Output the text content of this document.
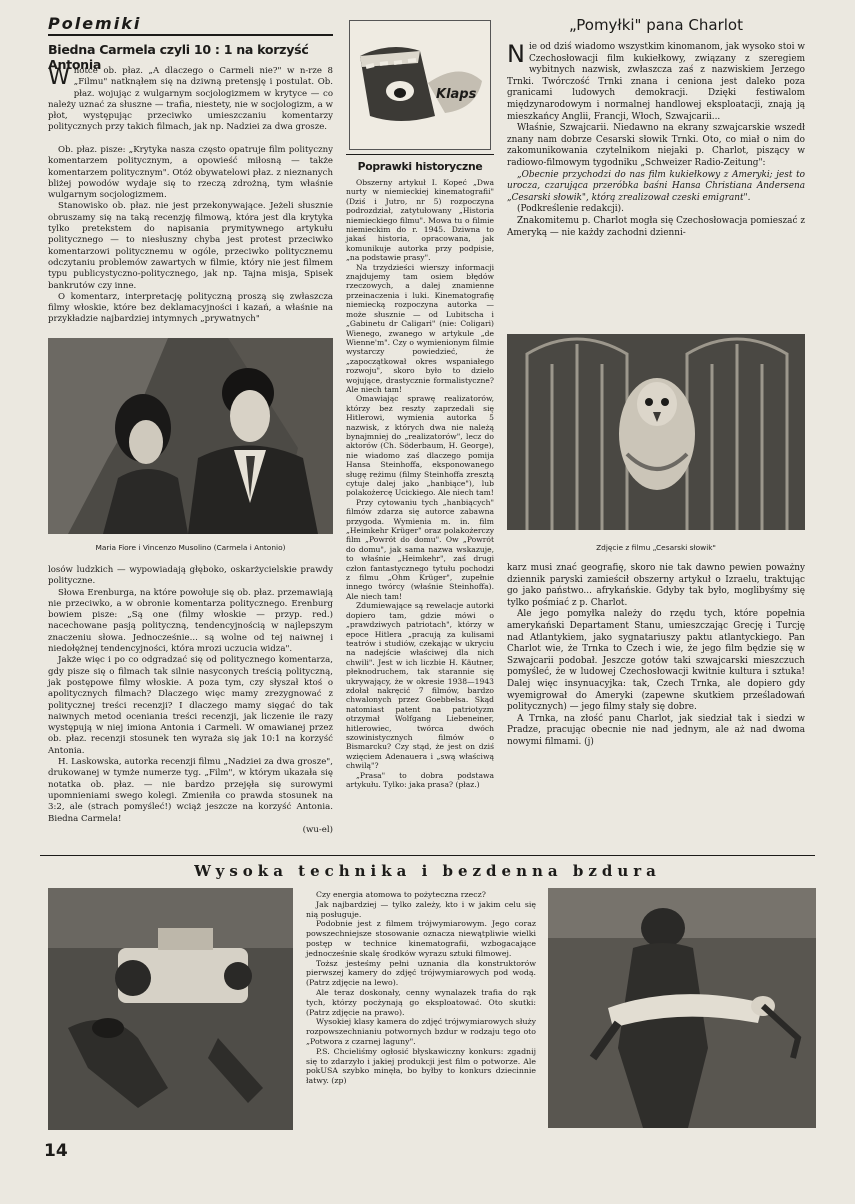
Polemiki
Biedna Carmela czyli 10 : 1 na korzyść Antonia
W notce ob. płaz. „A dlaczego o Carmeli nie?" w n-rze 8 „Filmu" natknąłem się na dziwną pretensję i postulat. Ob. płaz. wojując z wulgarnym socjologizmem w krytyce — co należy uznać za słuszne — trafia, niestety, nie w socjologizm, a w płot, występując przeciwko umieszczaniu komentarzy politycznych przy takich filmach, jak np. Nadziei za dwa grosze.

Ob. płaz. pisze: „Krytyka nasza często opatruje film polityczny komentarzem politycznym, a opowieść miłosną — także komentarzem politycznym". Otóż obywatelowi płaz. z nieznanych bliżej powodów wydaje się to rzeczą zdrożną, tym właśnie wulgarnym socjologizmem.

Stanowisko ob. płaz. nie jest przekonywające. Jeżeli słusznie obruszamy się na taką recenzję filmową, która jest dla krytyka tylko pretekstem do napisania prymitywnego artykułu politycznego — to niesłuszny chyba jest protest przeciwko komentarzowi politycznemu w ogóle, przeciwko politycznemu odczytaniu problemów zawartych w filmie, który nie jest filmem typu publicystyczno-politycznego, jak np. Tajna misja, Spisek bankrutów czy inne.

O komentarz, interpretację polityczną proszą się zwłaszcza filmy włoskie, które bez deklamacyjności i kazań, a właśnie na przykładzie najbardziej intymnych „prywatnych"

Maria Fiore i Vincenzo Musolino (Carmela i Antonio)

losów ludzkich — wypowiadają głęboko, oskarżycielskie prawdy polityczne.

Słowa Erenburga, na które powołuje się ob. płaz. przemawiają nie przeciwko, a w obronie komentarza politycznego. Erenburg bowiem pisze: „Są one (filmy włoskie — przyp. red.) nacechowane pasją polityczną, tendencyjnością w najlepszym znaczeniu słowa. Jednocześnie... są wolne od tej naiwnej i niedołężnej tendencyjności, która mrozi uczucia widza".

Jakże więc i po co odgradzać się od politycznego komentarza, gdy pisze się o filmach tak silnie nasyconych treścią polityczną, jak postępowe filmy włoskie. A poza tym, czy słyszał ktoś o apolitycznych filmach? Dlaczego więc mamy zrezygnować z politycznej treści recenzji? I dlaczego mamy sięgać do tak naiwnych metod oceniania treści recenzji, jak liczenie ile razy występują w niej imiona Antonia i Carmeli. W omawianej przez ob. płaz. recenzji stosunek ten wyraża się jak 10:1 na korzyść Antonia.

H. Laskowska, autorka recenzji filmu „Nadziei za dwa grosze", drukowanej w tymże numerze tyg. „Film", w którym ukazała się notatka ob. płaz. — nie bardzo przejęła się surowymi upomnieniami swego kolegi. Zmieniła co prawda stosunek na 3:2, ale (strach pomyśleć!) wciąż jeszcze na korzyść Antonia. Biedna Carmela!

(wu-el)
Klaps
Poprawki historyczne

Obszerny artykuł I. Kopeć „Dwa nurty w niemieckiej kinematografii" (Dziś i Jutro, nr 5) rozpoczyna podrozdział, zatytułowany „Historia niemieckiego filmu". Mowa tu o filmie niemieckim do r. 1945. Dziwna to jakaś historia, opracowana, jak komunikuje autorka przy podpisie, „na podstawie prasy".

Na trzydzieści wierszy informacji znajdujemy tam osiem błędów rzeczowych, a dalej znamienne przeinaczenia i luki. Kinematografię niemiecką rozpoczyna autorka — może słusznie — od Lubitscha i „Gabinetu dr Caligari" (nie: Coligari) Wienego, zwanego w artykule „de Wienne'm". Czy o wymienionym filmie wystarczy powiedzieć, że „zapoczątkował okres wspaniałego rozwoju", skoro było to dzieło wojujące, drastycznie formalistyczne? Ale niech tam!

Omawiając sprawę realizatorów, którzy bez reszty zaprzedali się Hitlerowi, wymienia autorka 5 nazwisk, z których dwa nie należą bynajmniej do „realizatorów", lecz do aktorów (Ch. Söderbaum, H. George), nie wiadomo zaś dlaczego pomija Hansa Steinhoffa, eksponowanego sługę reżimu (filmy Steinhoffa zresztą cytuje dalej jako „hanbiące"), lub polakożercę Ucickiego. Ale niech tam!

Przy cytowaniu tych „hanbiących" filmów zdarza się autorce zabawna przygoda. Wymienia m. in. film „Heimkehr Krüger" oraz polakożerczy film „Powrót do domu". Ow „Powrót do domu", jak sama nazwa wskazuje, to właśnie „Heimkehr", zaś drugi człon fantastycznego tytułu pochodzi z filmu „Ohm Krüger", zupełnie innego twórcy (właśnie Steinhoffa). Ale niech tam!

Zdumiewające są rewelacje autorki dopiero tam, gdzie mówi o „prawdziwych patriotach", którzy w epoce Hitlera „pracują za kulisami teatrów i studiów, czekając w ukryciu na nadejście właściwej dla nich chwili". Jest w ich liczbie H. Käutner, płeknodruchem, tak starannie się ukrywający, że w okresie 1938—1943 zdołał nakręcić 7 filmów, bardzo chwalonych przez Goebbelsa. Skąd natomiast patent na patriotyzm otrzymał Wolfgang Liebeneiner, hitlerowiec, twórca dwóch szowinistycznych filmów o Bismarcku? Czy stąd, że jest on dziś wzięciem Adenauera i „swą właściwą chwilą"?

„Prasa" to dobra podstawa artykułu. Tylko: jaka prasa? (płaz.)

„Pomyłki" pana Charlot
N ie od dziś wiadomo wszystkim kinomanom, jak wysoko stoi w Czechosłowacji film kukiełkowy, związany z szeregiem wybitnych nazwisk, zwłaszcza zaś z nazwiskiem Jerzego Trnki. Twórczość Trnki znana i ceniona jest daleko poza granicami ludowych demokracji. Dzięki festiwalom międzynarodowym i normalnej handlowej eksploatacji, znają ją mieszkańcy Anglii, Francji, Włoch, Szwajcarii...

Właśnie, Szwajcarii. Niedawno na ekrany szwajcarskie wszedł znany nam dobrze Cesarski słowik Trnki. Oto, co miał o nim do zakomunikowania czytelnikom niejaki p. Charlot, piszący w radiowo-filmowym tygodniku „Schweizer Radio-Zeitung":

„Obecnie przychodzi do nas film kukiełkowy z Ameryki; jest to urocza, czarująca przeróbka baśni Hansa Christiana Andersena „Cesarski słowik", którą zrealizował czeski emigrant".

(Podkreślenie redakcji).

Znakomitemu p. Charlot mogła się Czechosłowacja pomieszać z Ameryką — nie każdy zachodni dzienni-

Zdjęcie z filmu „Cesarski słowik"

karz musi znać geografię, skoro nie tak dawno pewien poważny dziennik paryski zamieścił obszerny artykuł o Izraelu, traktując go jako państwo... afrykańskie. Gdyby tak było, moglibyśmy się tylko pośmiać z p. Charlot.

Ale jego pomyłka należy do rzędu tych, które popełnia amerykański Departament Stanu, umieszczając Grecję i Turcję nad Atlantykiem, jako sygnatariuszy paktu atlantyckiego. Pan Charlot wie, że Trnka to Czech i wie, że jego film będzie się w Szwajcarii podobał. Jeszcze gotów taki szwajcarski mieszczuch pomyśleć, że w ludowej Czechosłowacji kwitnie kultura i sztuka! Dalej więc insynuacyjka: tak, Czech Trnka, ale dopiero gdy wyemigrował do Ameryki (zapewne skutkiem prześladowań politycznych) — jego filmy stały się dobre.

A Trnka, na złość panu Charlot, jak siedział tak i siedzi w Pradze, pracując obecnie nie nad jednym, ale aż nad dwoma nowymi filmami. (j)

Wysoka technika i bezdenna bzdura

Czy energia atomowa to pożyteczna rzecz?

Jak najbardziej — tylko zależy, kto i w jakim celu się nią posługuje.

Podobnie jest z filmem trójwymiarowym. Jego coraz powszechniejsze stosowanie oznacza niewątpliwie wielki postęp w technice kinematografii, wzbogacające jednocześnie skalę środków wyrazu sztuki filmowej.

Toższ jesteśmy pełni uznania dla konstruktorów pierwszej kamery do zdjęć trójwymiarowych pod wodą. (Patrz zdjęcie na lewo).

Ale teraz doskonały, cenny wynalazek trafia do rąk tych, którzy pocżynają go eksploatować. Oto skutki: (Patrz zdjęcie na prawo).

Wysokiej klasy kamera do zdjęć trójwymiarowych służy rozpowszechnianiu potwornych bzdur w rodzaju tego oto „Potwora z czarnej laguny".

P.S. Chcieliśmy ogłosić błyskawiczny konkurs: zgadnij się to zdarzyło i jakiej produkcji jest film o potworze. Ale pokUSA szybko minęła, bo byłby to konkurs dziecinnie łatwy. (zp)

14
